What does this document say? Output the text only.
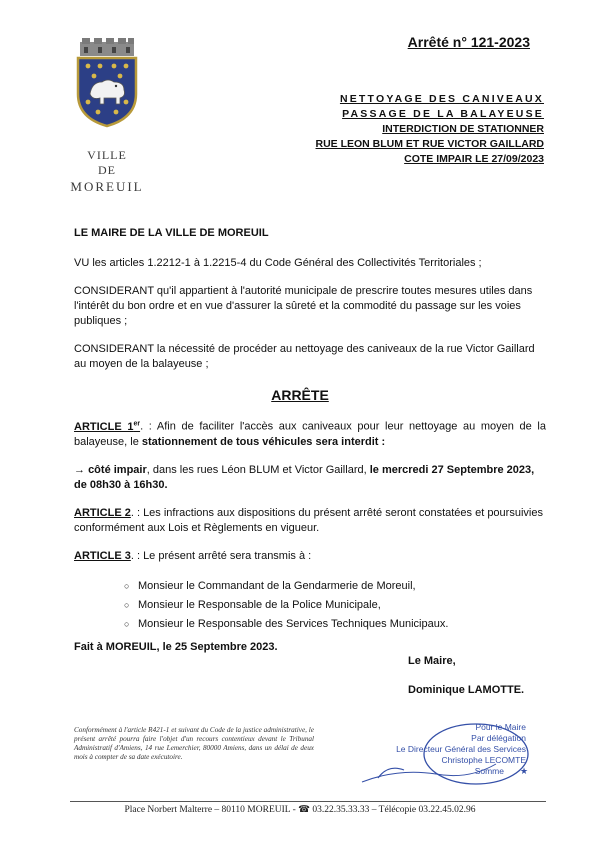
VILLE
DE
MOREUIL
Arrêté n° 121-2023
NETTOYAGE DES CANIVEAUX
PASSAGE DE LA BALAYEUSE
INTERDICTION DE STATIONNER
RUE LEON BLUM ET RUE VICTOR GAILLARD
COTE IMPAIR LE 27/09/2023
LE MAIRE DE LA VILLE DE MOREUIL
VU les articles 1.2212-1 à 1.2215-4 du Code Général des Collectivités Territoriales ;
CONSIDERANT qu'il appartient à l'autorité municipale de prescrire toutes mesures utiles dans l'intérêt du bon ordre et en vue d'assurer la sûreté et la commodité du passage sur les voies publiques ;
CONSIDERANT la nécessité de procéder au nettoyage des caniveaux de la rue Victor Gaillard au moyen de la balayeuse ;
ARRÊTE
ARTICLE 1er. : Afin de faciliter l'accès aux caniveaux pour leur nettoyage au moyen de la balayeuse, le stationnement de tous véhicules sera interdit :
→ côté impair, dans les rues Léon BLUM et Victor Gaillard, le mercredi 27 Septembre 2023, de 08h30 à 16h30.
ARTICLE 2. : Les infractions aux dispositions du présent arrêté seront constatées et poursuivies conformément aux Lois et Règlements en vigueur.
ARTICLE 3. : Le présent arrêté sera transmis à :
○ Monsieur le Commandant de la Gendarmerie de Moreuil,
○ Monsieur le Responsable de la Police Municipale,
○ Monsieur le Responsable des Services Techniques Municipaux.
Fait à MOREUIL, le 25 Septembre 2023.
Le Maire,
Dominique LAMOTTE.
Conformément à l'article R421-1 et suivant du Code de la justice administrative, le présent arrêté pourra faire l'objet d'un recours contentieux devant le Tribunal Administratif d'Amiens, 14 rue Lemerchier, 80000 Amiens, dans un délai de deux mois à compter de sa date exécutoire.
★
Pour le Maire
Par délégation
Le Directeur Général des Services
Christophe LECOMTE
Somme
Place Norbert Malterre – 80110 MOREUIL - ☎ 03.22.35.33.33 – Télécopie 03.22.45.02.96
